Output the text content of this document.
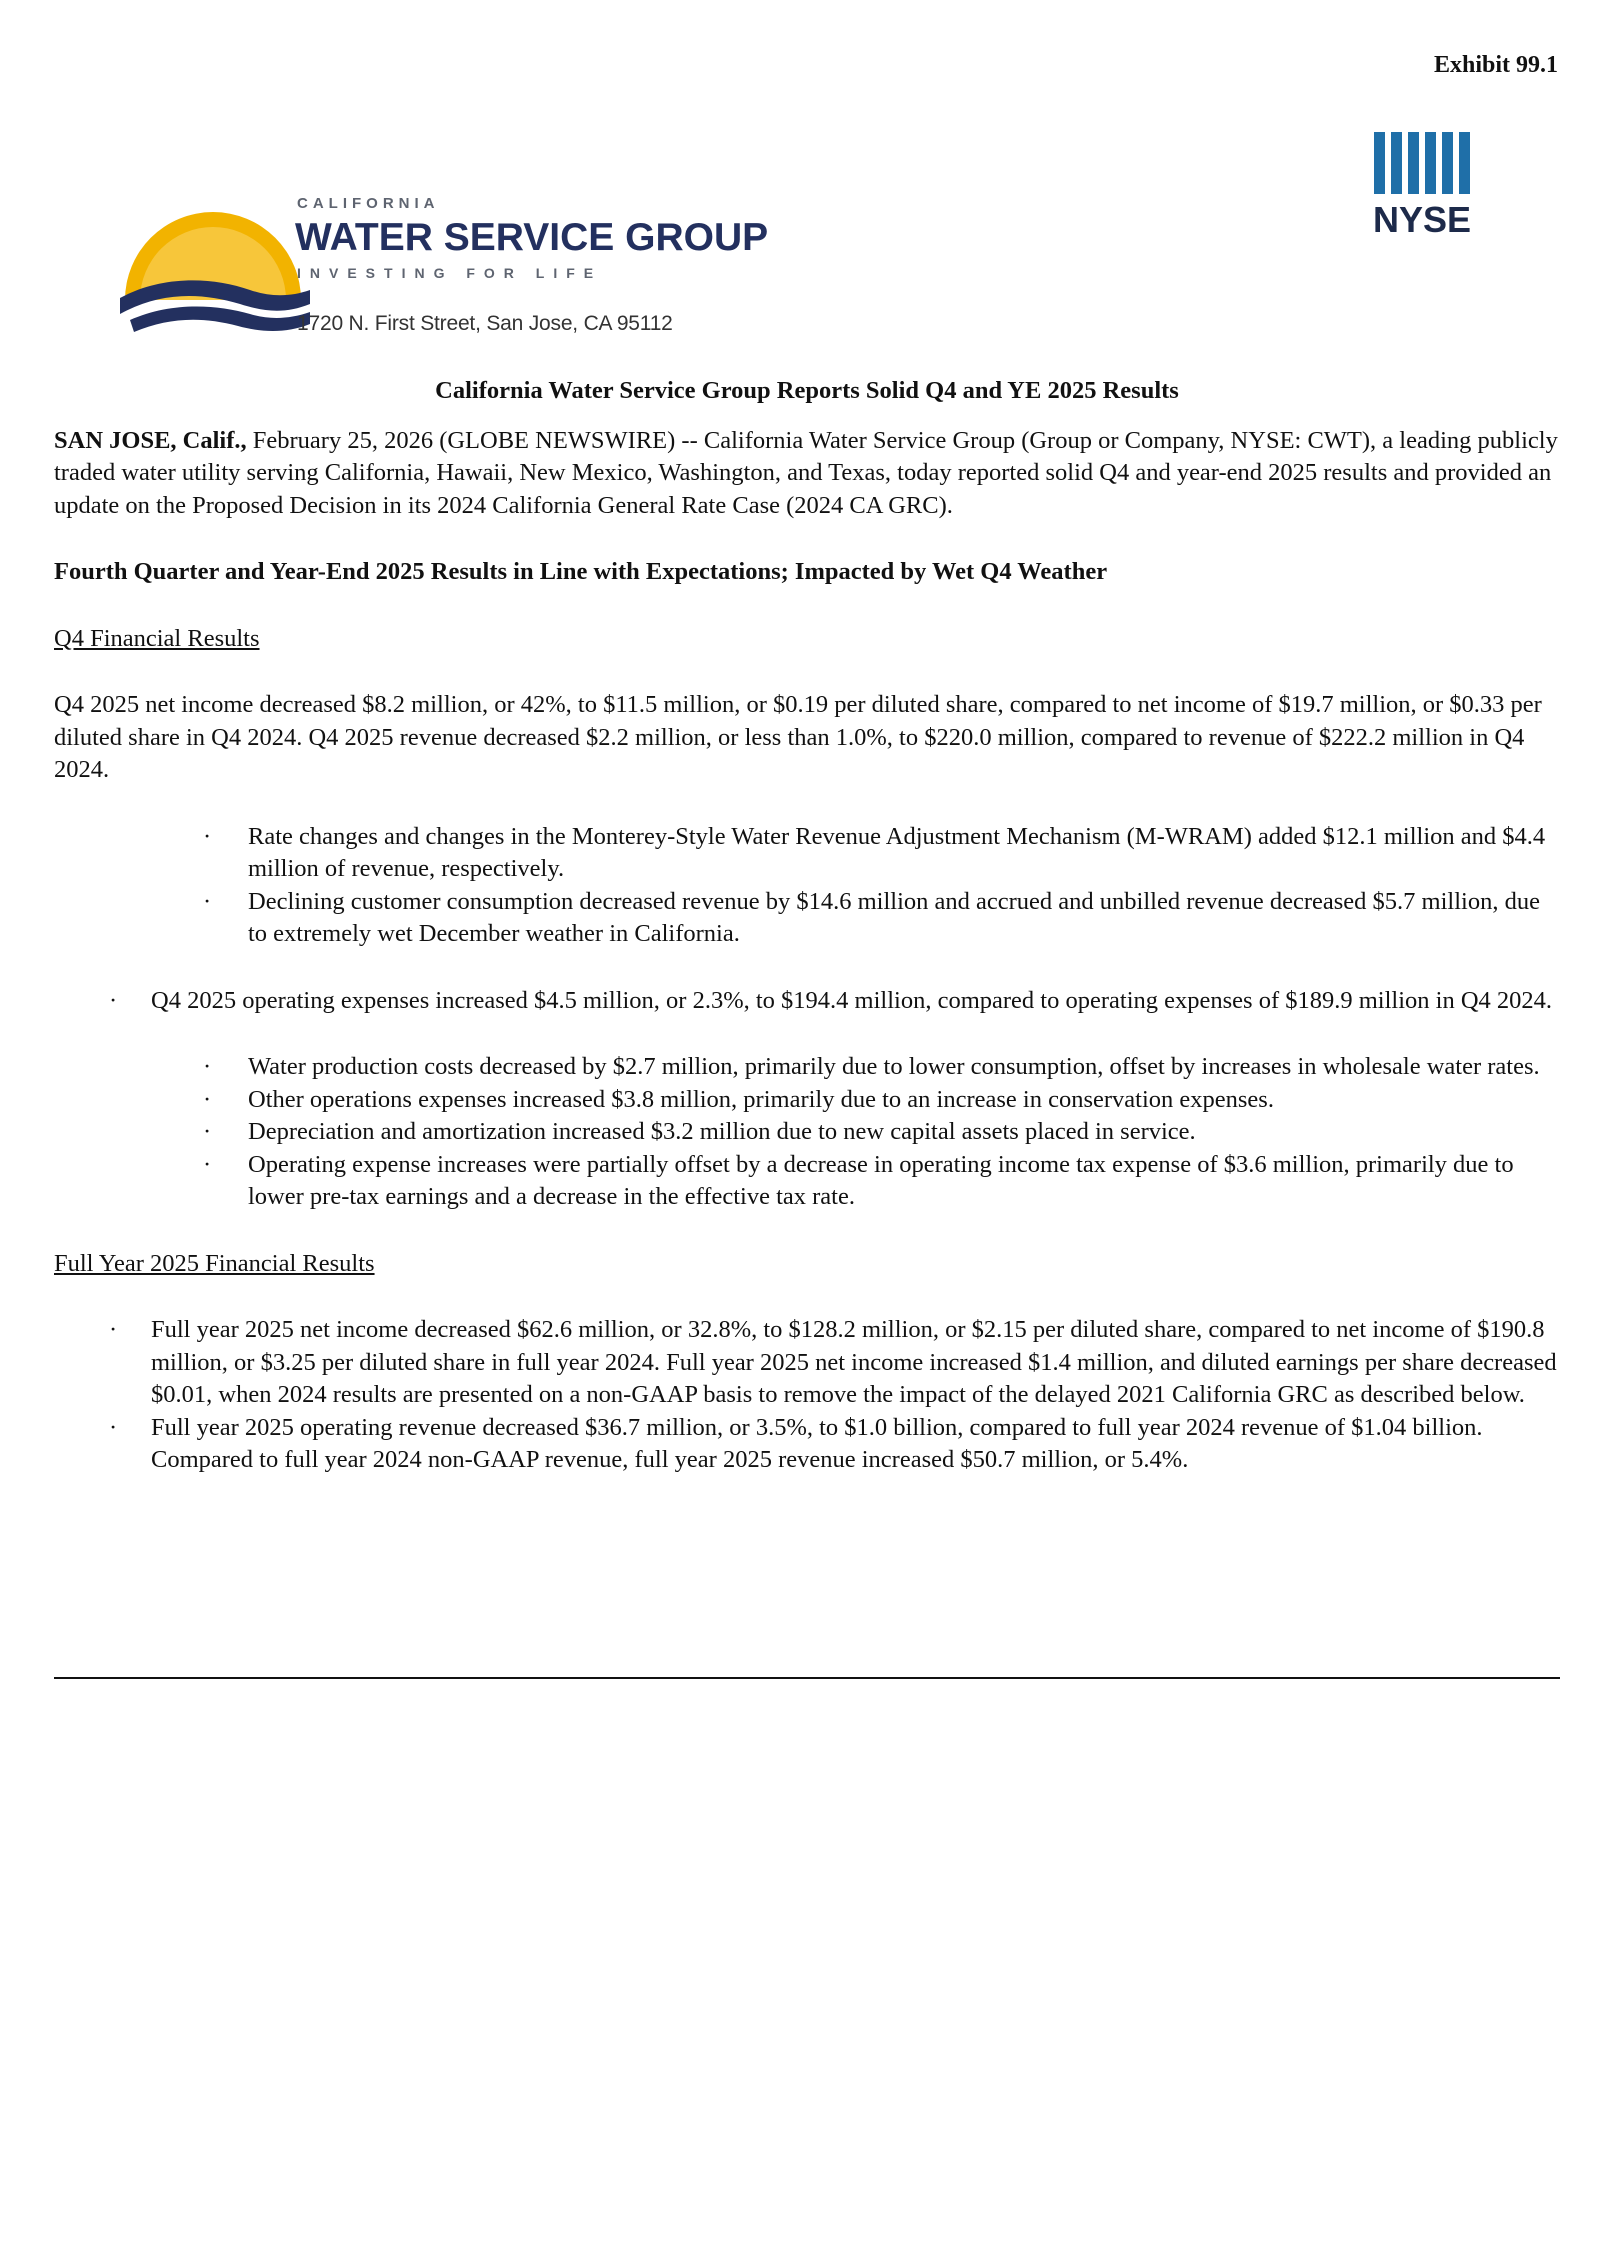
Exhibit 99.1
CALIFORNIA
WATER SERVICE GROUP
INVESTING FOR LIFE
1720 N. First Street, San Jose, CA 95112
NYSE

California Water Service Group Reports Solid Q4 and YE 2025 Results

SAN JOSE, Calif., February 25, 2026 (GLOBE NEWSWIRE) -- California Water Service Group (Group or Company, NYSE: CWT), a leading publicly traded water utility serving California, Hawaii, New Mexico, Washington, and Texas, today reported solid Q4 and year-end 2025 results and provided an update on the Proposed Decision in its 2024 California General Rate Case (2024 CA GRC).

Fourth Quarter and Year-End 2025 Results in Line with Expectations; Impacted by Wet Q4 Weather

Q4 Financial Results

Q4 2025 net income decreased $8.2 million, or 42%, to $11.5 million, or $0.19 per diluted share, compared to net income of $19.7 million, or $0.33 per diluted share in Q4 2024. Q4 2025 revenue decreased $2.2 million, or less than 1.0%, to $220.0 million, compared to revenue of $222.2 million in Q4 2024.

· Rate changes and changes in the Monterey-Style Water Revenue Adjustment Mechanism (M-WRAM) added $12.1 million and $4.4 million of revenue, respectively.
· Declining customer consumption decreased revenue by $14.6 million and accrued and unbilled revenue decreased $5.7 million, due to extremely wet December weather in California.
· Q4 2025 operating expenses increased $4.5 million, or 2.3%, to $194.4 million, compared to operating expenses of $189.9 million in Q4 2024.
· Water production costs decreased by $2.7 million, primarily due to lower consumption, offset by increases in wholesale water rates.
· Other operations expenses increased $3.8 million, primarily due to an increase in conservation expenses.
· Depreciation and amortization increased $3.2 million due to new capital assets placed in service.
· Operating expense increases were partially offset by a decrease in operating income tax expense of $3.6 million, primarily due to lower pre-tax earnings and a decrease in the effective tax rate.

Full Year 2025 Financial Results

· Full year 2025 net income decreased $62.6 million, or 32.8%, to $128.2 million, or $2.15 per diluted share, compared to net income of $190.8 million, or $3.25 per diluted share in full year 2024. Full year 2025 net income increased $1.4 million, and diluted earnings per share decreased $0.01, when 2024 results are presented on a non-GAAP basis to remove the impact of the delayed 2021 California GRC as described below.
· Full year 2025 operating revenue decreased $36.7 million, or 3.5%, to $1.0 billion, compared to full year 2024 revenue of $1.04 billion. Compared to full year 2024 non-GAAP revenue, full year 2025 revenue increased $50.7 million, or 5.4%.
